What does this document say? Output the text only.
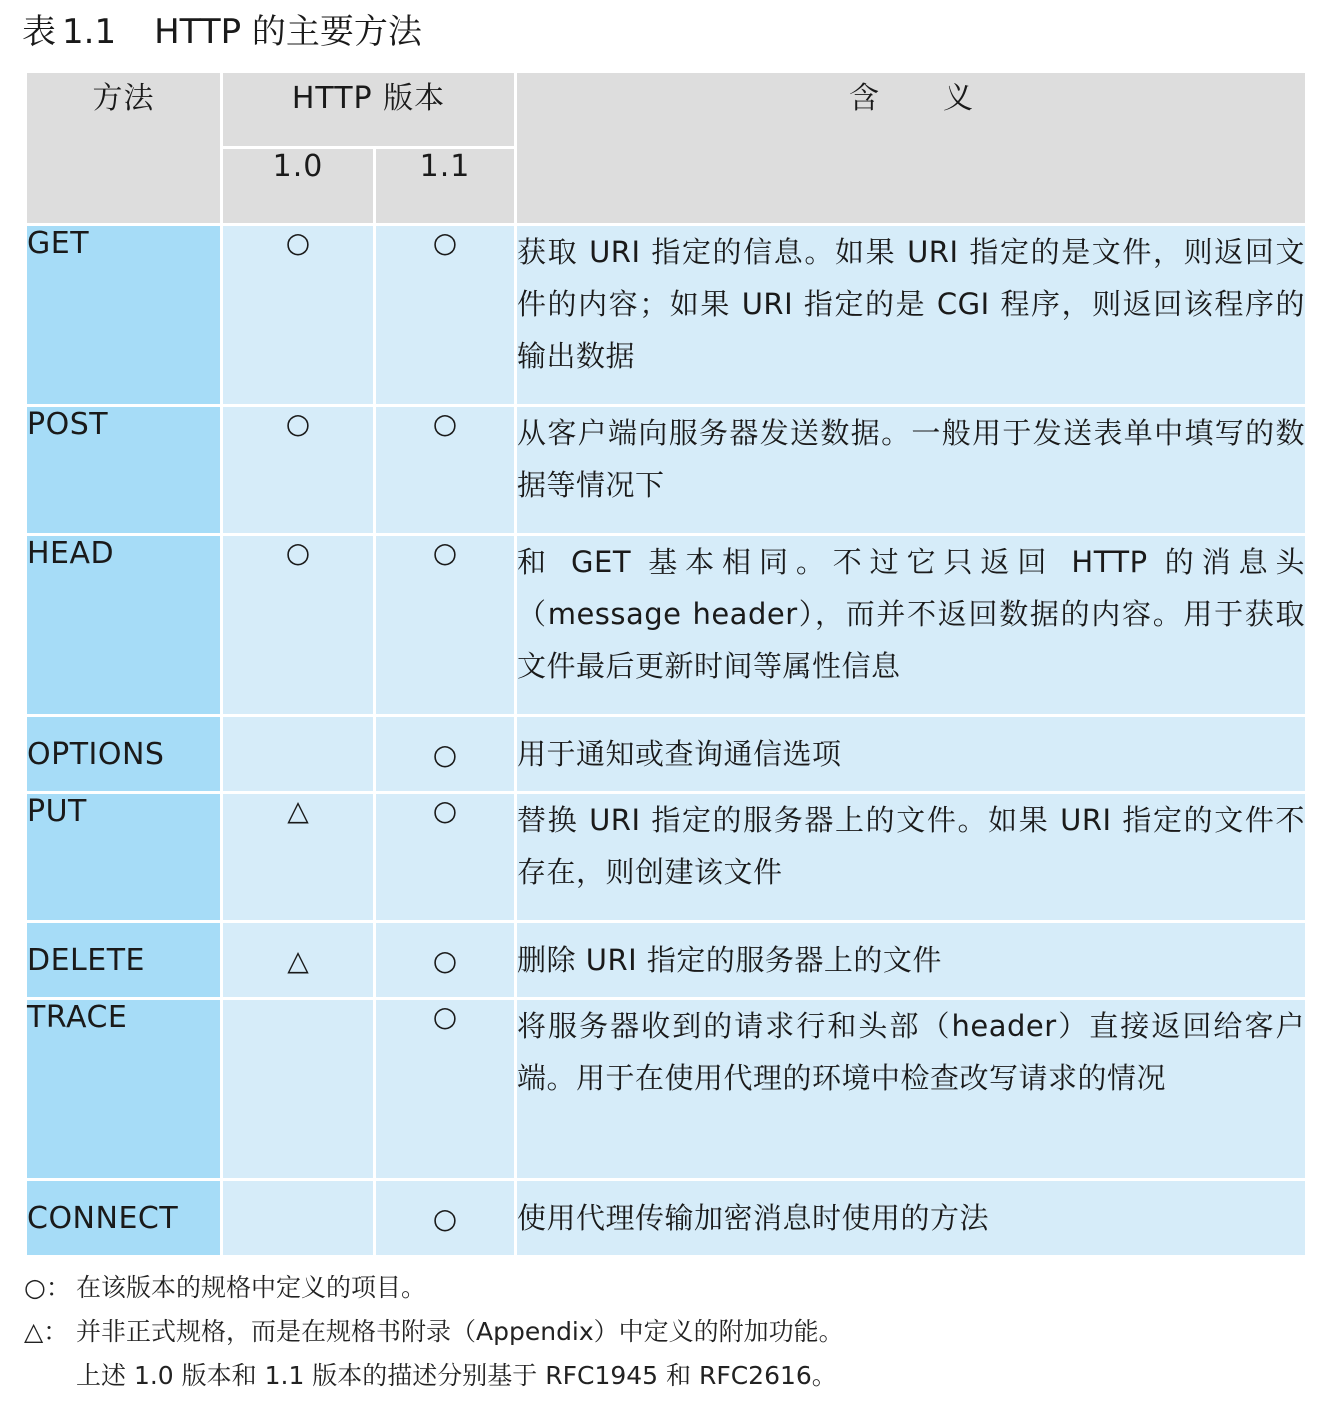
表 1.1 HTTP 的主要方法
方法	HTTP 版本		含 义
	1.0	1.1	
GET	○	○	获取 URI 指定的信息。如果 URI 指定的是文件，则返回文件的内容；如果 URI 指定的是 CGI 程序，则返回该程序的输出数据
POST	○	○	从客户端向服务器发送数据。一般用于发送表单中填写的数据等情况下
HEAD	○	○	和 GET 基本相同。不过它只返回 HTTP 的消息头（message header），而并不返回数据的内容。用于获取文件最后更新时间等属性信息
OPTIONS		○	用于通知或查询通信选项
PUT	△	○	替换 URI 指定的服务器上的文件。如果 URI 指定的文件不存在，则创建该文件
DELETE	△	○	删除 URI 指定的服务器上的文件
TRACE		○	将服务器收到的请求行和头部（header）直接返回给客户端。用于在使用代理的环境中检查改写请求的情况
CONNECT		○	使用代理传输加密消息时使用的方法
○： 在该版本的规格中定义的项目。
△： 并非正式规格，而是在规格书附录（Appendix）中定义的附加功能。
上述 1.0 版本和 1.1 版本的描述分别基于 RFC1945 和 RFC2616。
